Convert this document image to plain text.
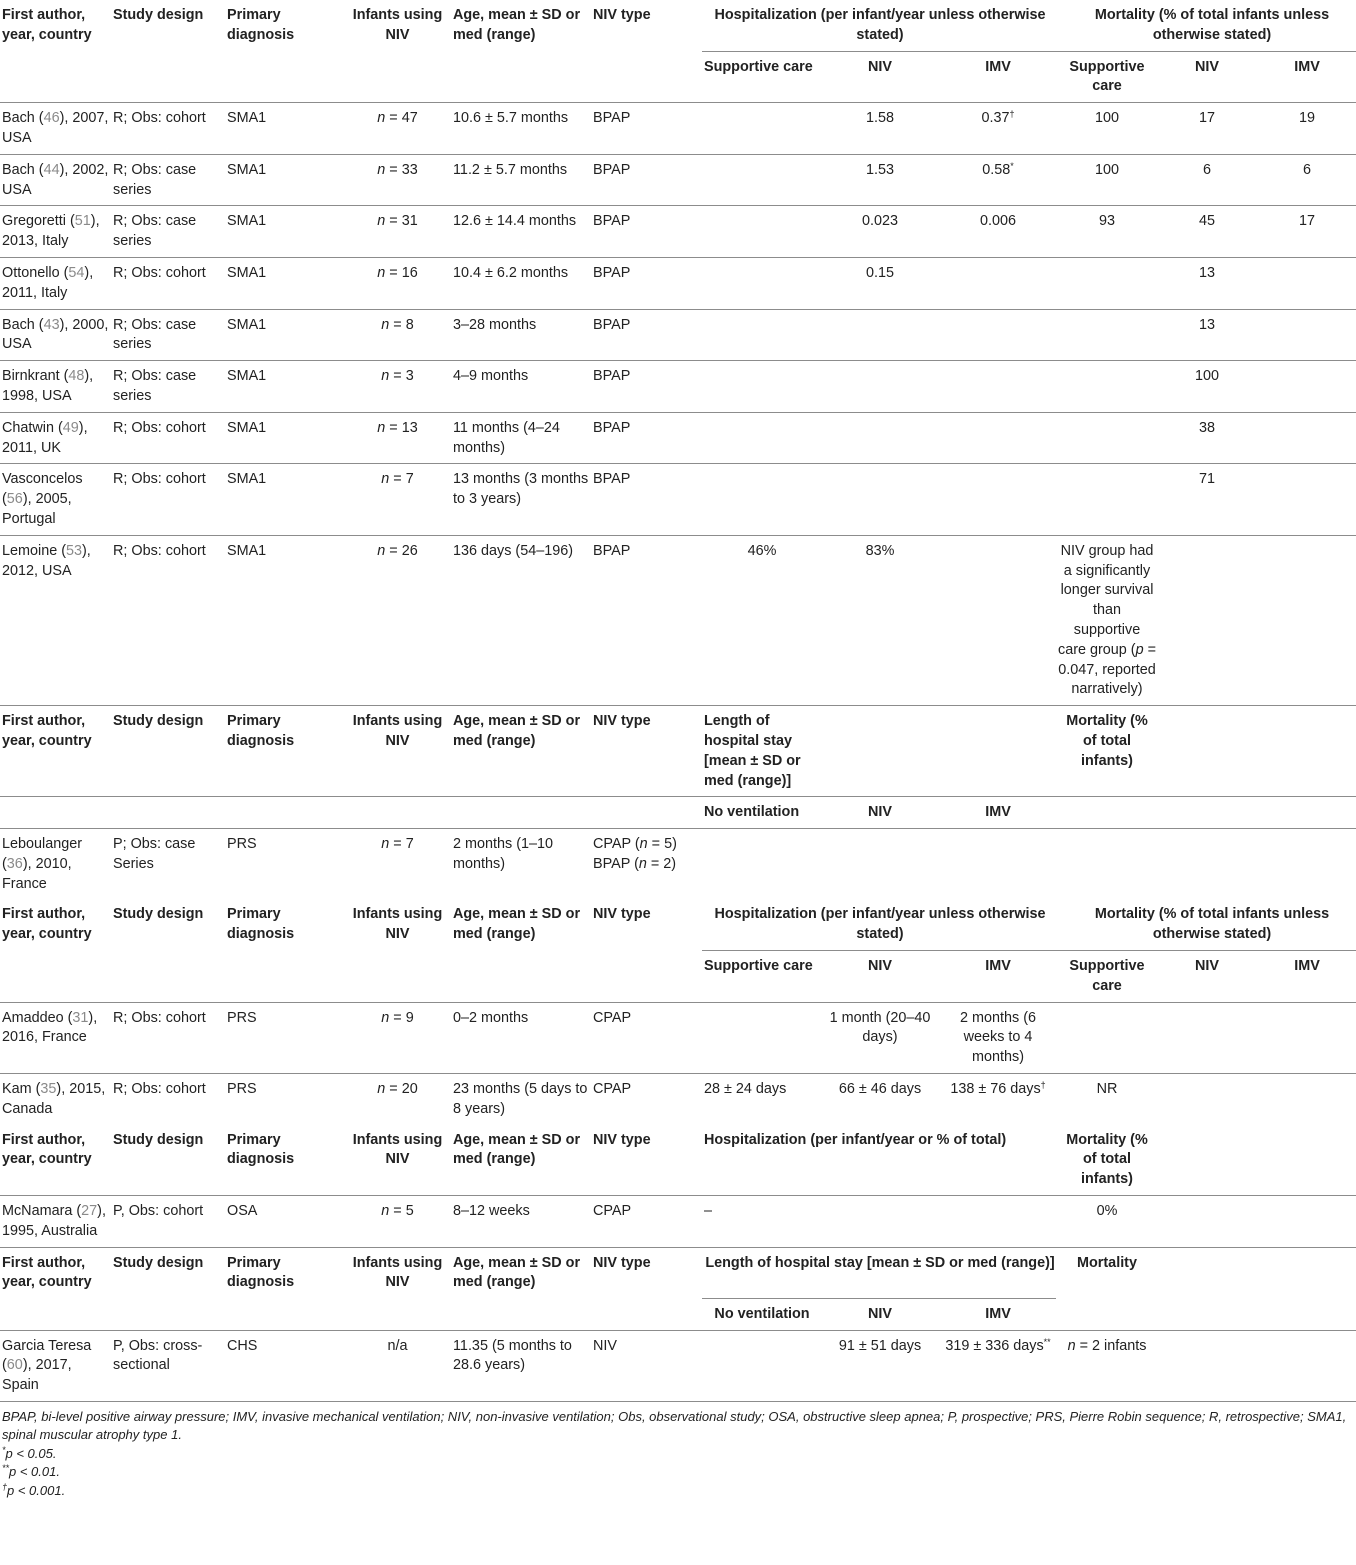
First author, year, country	Study design	Primary diagnosis	Infants using NIV	Age, mean ± SD or med (range)	NIV type	Hospitalization (per infant/year unless otherwise stated)			Mortality (% of total infants unless otherwise stated)		
						Supportive care	NIV	IMV	Supportive care	NIV	IMV
Bach (46), 2007, USA	R; Obs: cohort	SMA1	n = 47	10.6 ± 5.7 months	BPAP		1.58	0.37†	100	17	19
Bach (44), 2002, USA	R; Obs: case series	SMA1	n = 33	11.2 ± 5.7 months	BPAP		1.53	0.58*	100	6	6
Gregoretti (51), 2013, Italy	R; Obs: case series	SMA1	n = 31	12.6 ± 14.4 months	BPAP		0.023	0.006	93	45	17
Ottonello (54), 2011, Italy	R; Obs: cohort	SMA1	n = 16	10.4 ± 6.2 months	BPAP		0.15			13	
Bach (43), 2000, USA	R; Obs: case series	SMA1	n = 8	3–28 months	BPAP					13	
Birnkrant (48), 1998, USA	R; Obs: case series	SMA1	n = 3	4–9 months	BPAP					100	
Chatwin (49), 2011, UK	R; Obs: cohort	SMA1	n = 13	11 months (4–24 months)	BPAP					38	
Vasconcelos (56), 2005, Portugal	R; Obs: cohort	SMA1	n = 7	13 months (3 months to 3 years)	BPAP					71	
Lemoine (53), 2012, USA	R; Obs: cohort	SMA1	n = 26	136 days (54–196)	BPAP	46%	83%		NIV group had a significantly longer survival than supportive care group (p = 0.047, reported narratively)		
First author, year, country	Study design	Primary diagnosis	Infants using NIV	Age, mean ± SD or med (range)	NIV type	Length of hospital stay [mean ± SD or med (range)]			Mortality (% of total infants)		
						No ventilation	NIV	IMV			
Leboulanger (36), 2010, France	P; Obs: case Series	PRS	n = 7	2 months (1–10 months)	CPAP (n = 5)
BPAP (n = 2)						
First author, year, country	Study design	Primary diagnosis	Infants using NIV	Age, mean ± SD or med (range)	NIV type	Hospitalization (per infant/year unless otherwise stated)			Mortality (% of total infants unless otherwise stated)		
						Supportive care	NIV	IMV	Supportive care	NIV	IMV
Amaddeo (31), 2016, France	R; Obs: cohort	PRS	n = 9	0–2 months	CPAP		1 month (20–40 days)	2 months (6 weeks to 4 months)			
Kam (35), 2015, Canada	R; Obs: cohort	PRS	n = 20	23 months (5 days to 8 years)	CPAP	28 ± 24 days	66 ± 46 days	138 ± 76 days†	NR		
First author, year, country	Study design	Primary diagnosis	Infants using NIV	Age, mean ± SD or med (range)	NIV type	Hospitalization (per infant/year or % of total)			Mortality (% of total infants)		
McNamara (27), 1995, Australia	P, Obs: cohort	OSA	n = 5	8–12 weeks	CPAP	–			0%		
First author, year, country	Study design	Primary diagnosis	Infants using NIV	Age, mean ± SD or med (range)	NIV type	Length of hospital stay [mean ± SD or med (range)]			Mortality		
						No ventilation	NIV	IMV			
Garcia Teresa (60), 2017, Spain	P, Obs: cross-sectional	CHS	n/a	11.35 (5 months to 28.6 years)	NIV		91 ± 51 days	319 ± 336 days**	n = 2 infants		
BPAP, bi-level positive airway pressure; IMV, invasive mechanical ventilation; NIV, non-invasive ventilation; Obs, observational study; OSA, obstructive sleep apnea; P, prospective; PRS, Pierre Robin sequence; R, retrospective; SMA1, spinal muscular atrophy type 1.
*p < 0.05.
**p < 0.01.
†p < 0.001.
